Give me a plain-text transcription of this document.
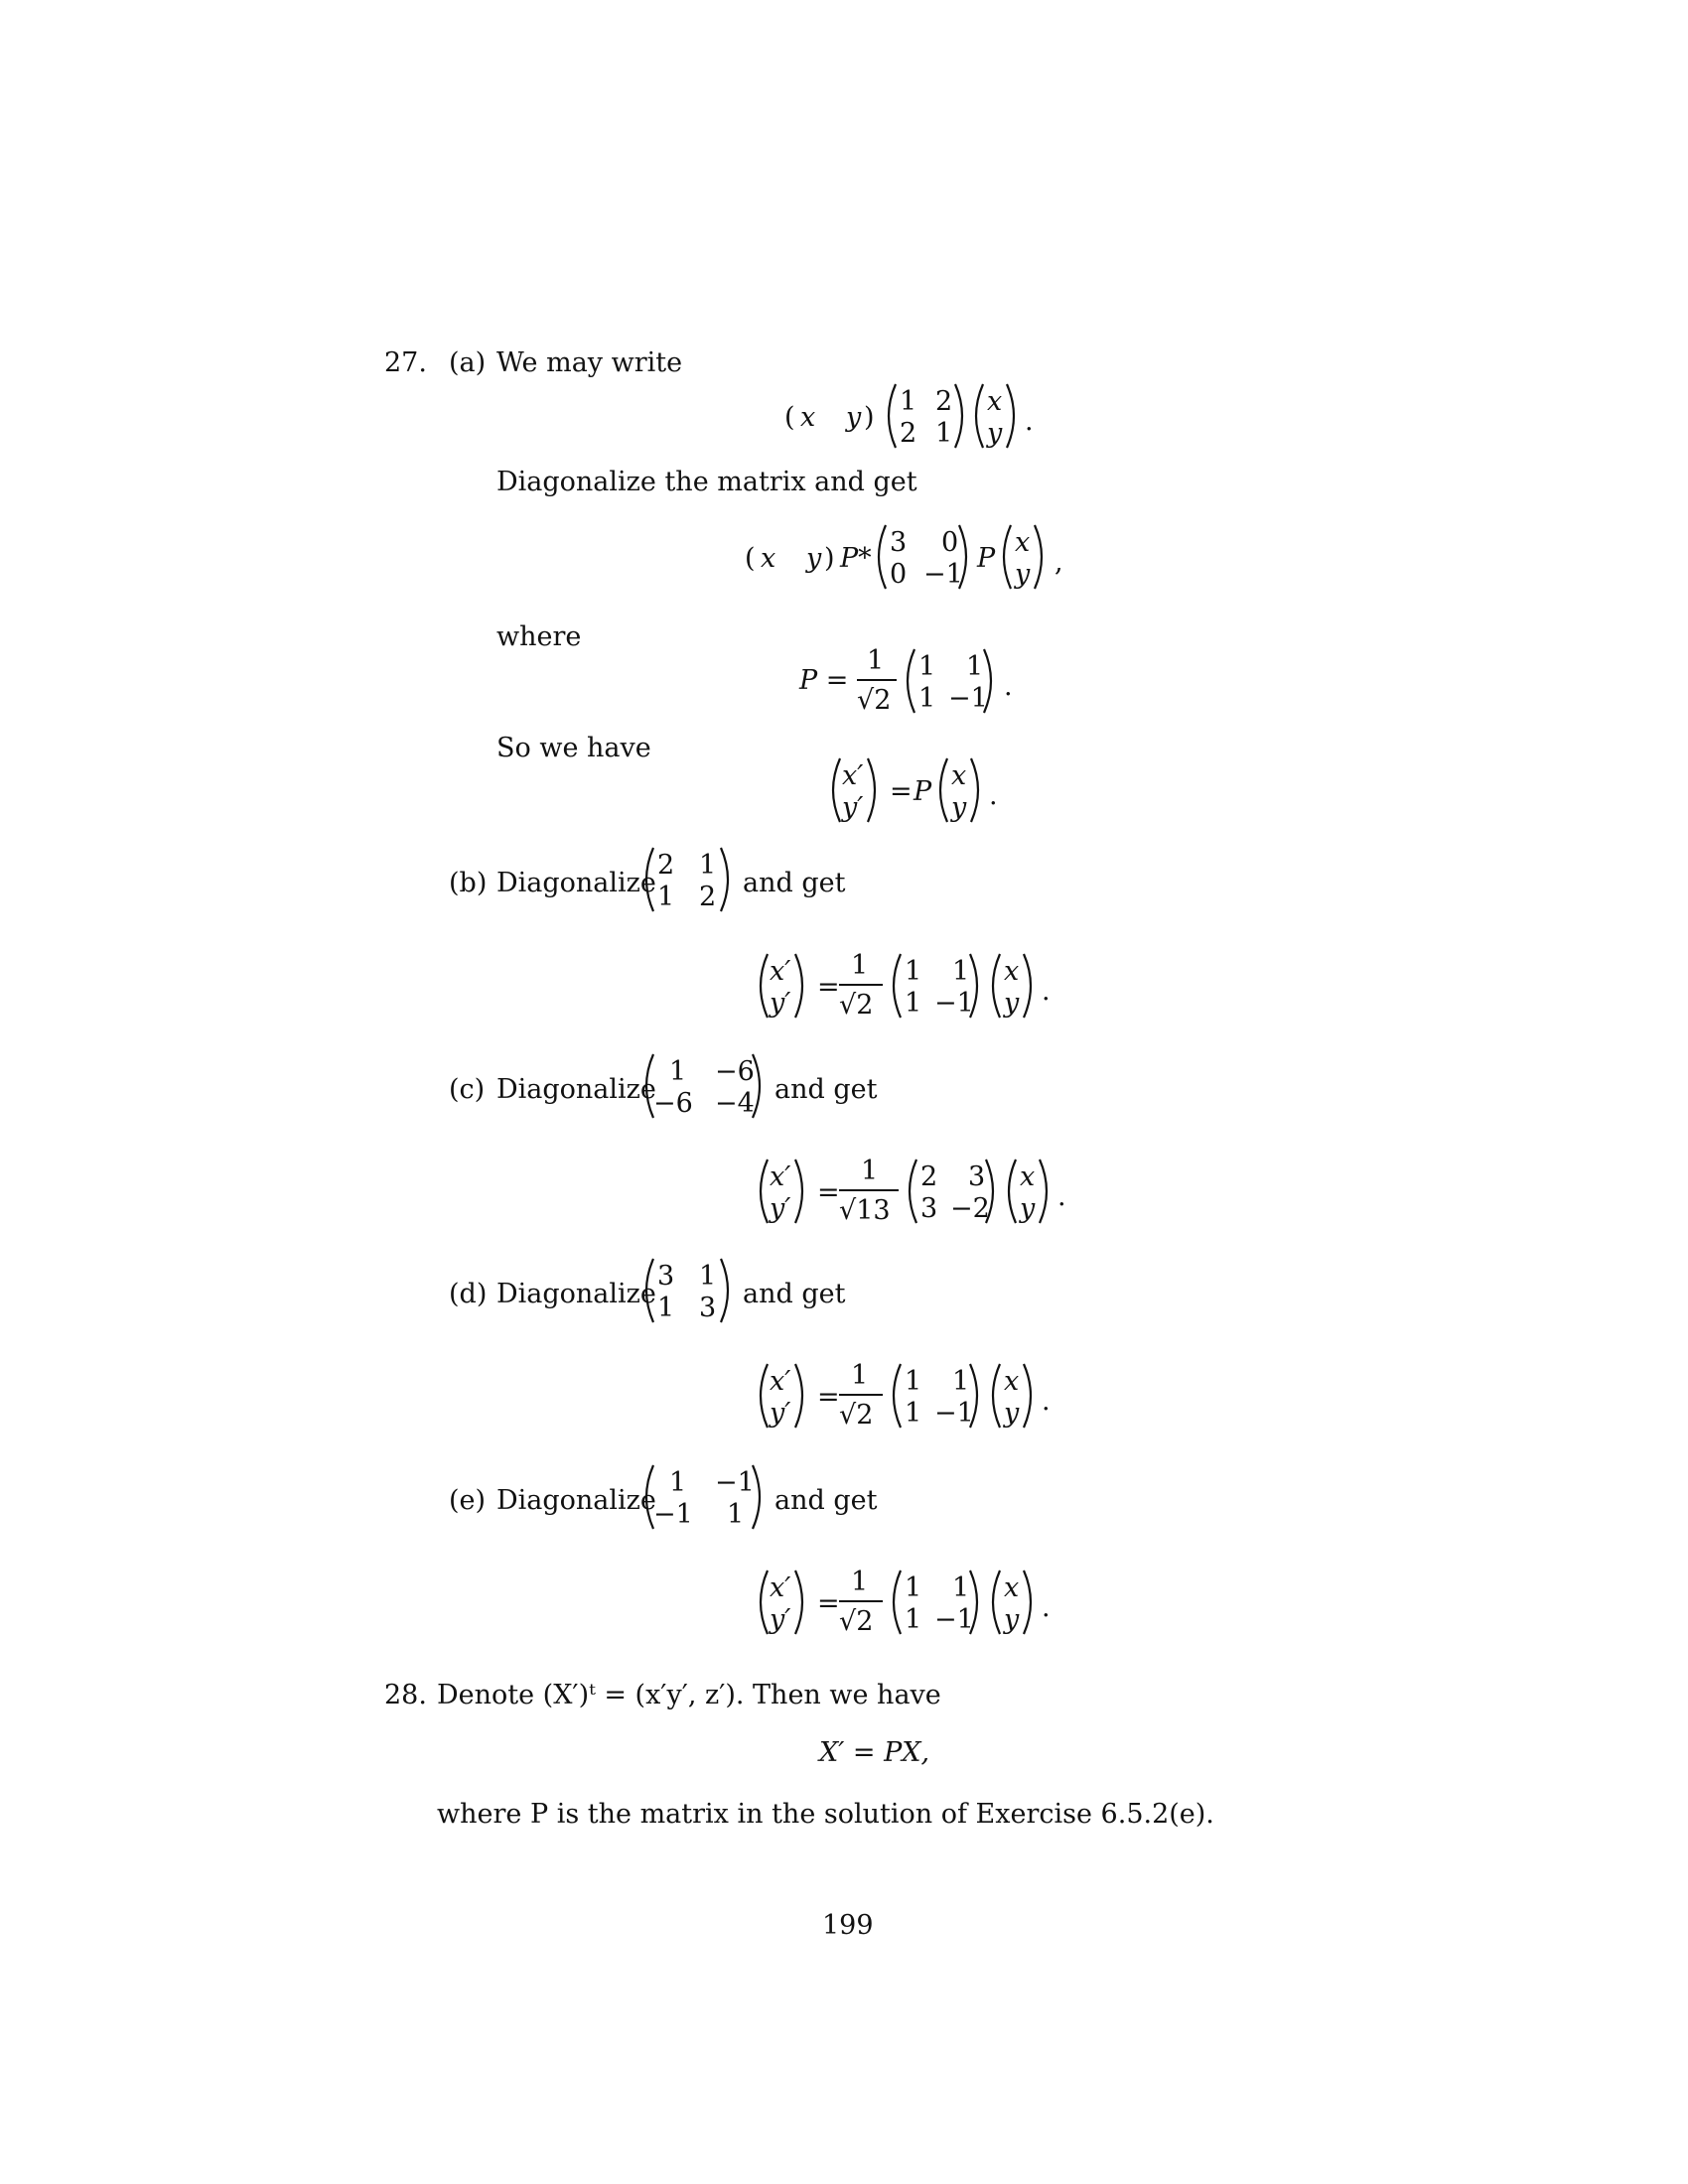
27. (a) We may write
( x y )
1 2
2 1
x
y .
Diagonalize the matrix and get
( x y ) P*
3 0
0 −1
P
x
y ,
where
P =
1
√2
1 1
1 −1 .
So we have
x′
y′
= P
x
y .
(b) Diagonalize
2 1
1 2 and get
x′
y′
=
1
√2
1 1
1 −1
x
y .
(c) Diagonalize
1 −6
−6 −4 and get
x′
y′
=
1
√13
2 3
3 −2
x
y .
(d) Diagonalize
3 1
1 3 and get
x′
y′
=
1
√2
1 1
1 −1
x
y .
(e) Diagonalize
1 −1
−1 1 and get
x′
y′
=
1
√2
1 1
1 −1
x
y .
28. Denote (X′)ᵗ = (x′y′, z′). Then we have
X′ = PX,
where P is the matrix in the solution of Exercise 6.5.2(e).
199
